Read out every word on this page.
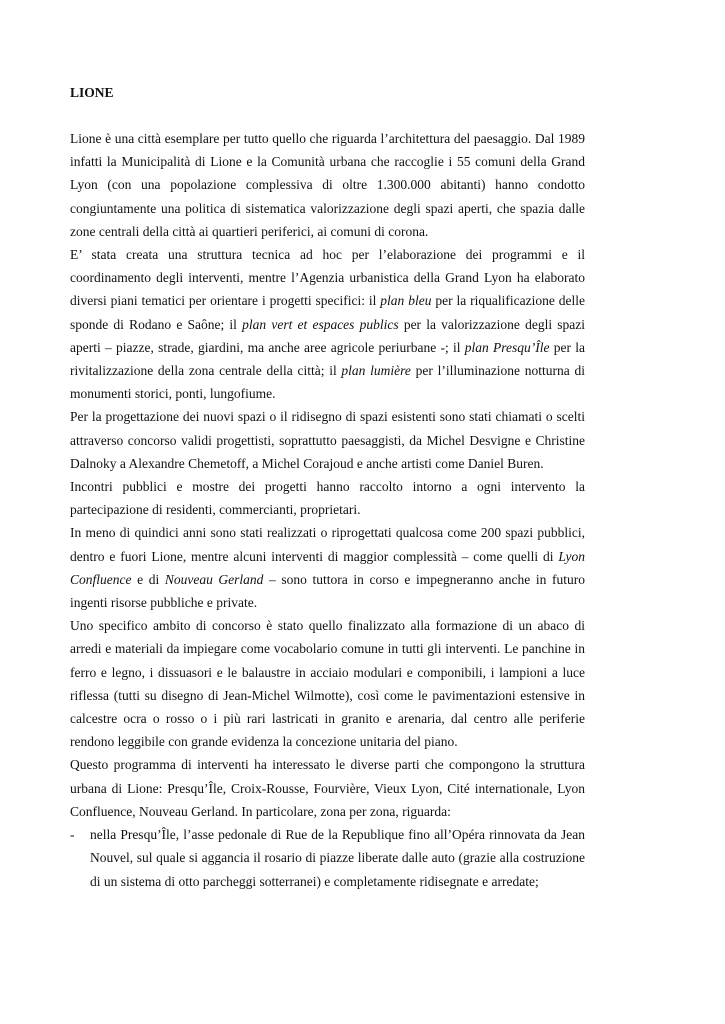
LIONE

Lione è una città esemplare per tutto quello che riguarda l’architettura del paesaggio. Dal 1989 infatti la Municipalità di Lione e la Comunità urbana che raccoglie i 55 comuni della Grand Lyon (con una popolazione complessiva di oltre 1.300.000 abitanti) hanno condotto congiuntamente una politica di sistematica valorizzazione degli spazi aperti, che spazia dalle zone centrali della città ai quartieri periferici, ai comuni di corona.

E’ stata creata una struttura tecnica ad hoc per l’elaborazione dei programmi e il coordinamento degli interventi, mentre l’Agenzia urbanistica della Grand Lyon ha elaborato diversi piani tematici per orientare i progetti specifici: il plan bleu per la riqualificazione delle sponde di Rodano e Saône; il plan vert et espaces publics per la valorizzazione degli spazi aperti – piazze, strade, giardini, ma anche aree agricole periurbane -; il plan Presqu’Île per la rivitalizzazione della zona centrale della città; il plan lumière per l’illuminazione notturna di monumenti storici, ponti, lungofiume.

Per la progettazione dei nuovi spazi o il ridisegno di spazi esistenti sono stati chiamati o scelti attraverso concorso validi progettisti, soprattutto paesaggisti, da Michel Desvigne e Christine Dalnoky a Alexandre Chemetoff, a Michel Corajoud e anche artisti come Daniel Buren.

Incontri pubblici e mostre dei progetti hanno raccolto intorno a ogni intervento la partecipazione di residenti, commercianti, proprietari.

In meno di quindici anni sono stati realizzati o riprogettati qualcosa come 200 spazi pubblici, dentro e fuori Lione, mentre alcuni interventi di maggior complessità – come quelli di Lyon Confluence e di Nouveau Gerland – sono tuttora in corso e impegneranno anche in futuro ingenti risorse pubbliche e private.

Uno specifico ambito di concorso è stato quello finalizzato alla formazione di un abaco di arredi e materiali da impiegare come vocabolario comune in tutti gli interventi. Le panchine in ferro e legno, i dissuasori e le balaustre in acciaio modulari e componibili, i lampioni a luce riflessa (tutti su disegno di Jean-Michel Wilmotte), così come le pavimentazioni estensive in calcestre ocra o rosso o i più rari lastricati in granito e arenaria, dal centro alle periferie rendono leggibile con grande evidenza la concezione unitaria del piano.

Questo programma di interventi ha interessato le diverse parti che compongono la struttura urbana di Lione: Presqu’Île, Croix-Rousse, Fourvière, Vieux Lyon, Cité internationale, Lyon Confluence, Nouveau Gerland. In particolare, zona per zona, riguarda:

- nella Presqu’Île, l’asse pedonale di Rue de la Republique fino all’Opéra rinnovata da Jean Nouvel, sul quale si aggancia il rosario di piazze liberate dalle auto (grazie alla costruzione di un sistema di otto parcheggi sotterranei) e completamente ridisegnate e arredate;
